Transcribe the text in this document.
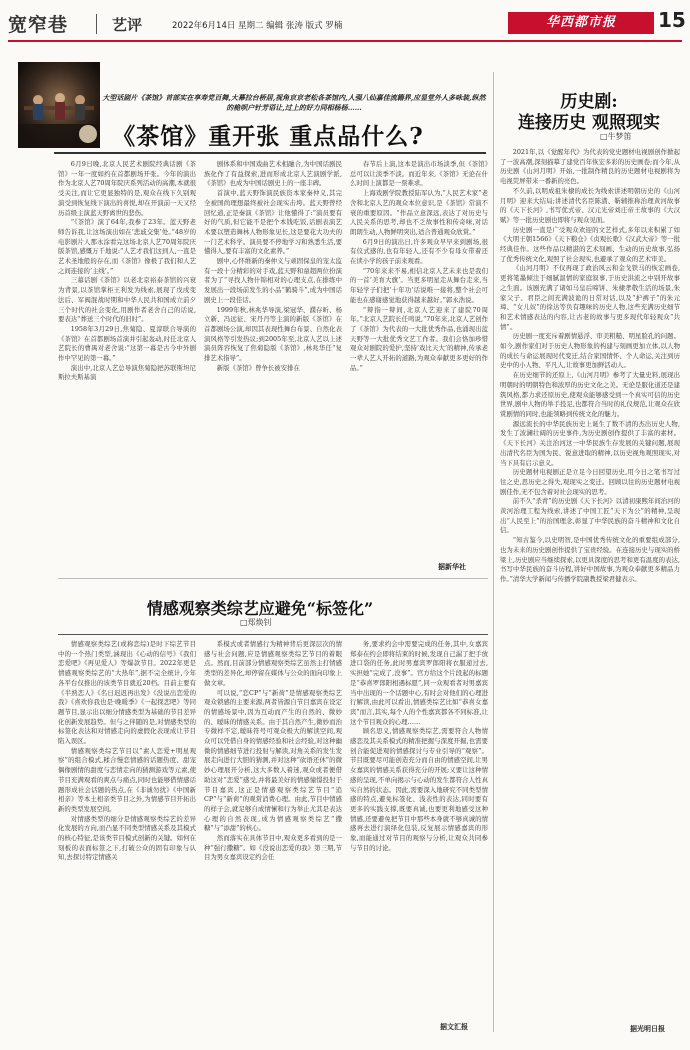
宽窄巷	艺评	2022年6月14日 星期二 编辑 张涛 版式 罗楠	华西都市报	15
大型话剧片《茶馆》首部实在享寿党百舞,大幕拉台桥居,视角京京老松各茶馆内,人强八仙嘉佳流籍界,应显堂外人多咏装,纵然的桅呗户针芳语让,过上的好力同相杨杨……
《茶馆》重开张 重点品什么?

6月9日晚,北京人民艺术剧院经典话剧《茶馆》一年一度如约在首都剧场开张。今年的演出作为北京人艺70周年院庆系列活动的高潮,本就很受关注,而让它更显独特的是,观众在线下久别观演受到恢复线下演出的喜悦,却在开演前一天又经历首级主演蓝天野离世的悲伤。

“《茶馆》演了64年,我参了23年。蓝天野老师告诉我,让这场演出如在‘悲戚交集’处。”48岁的电影剧片人那永涂看完这场北京人艺70周年院庆版茶馆,感慨万千地说:“人艺才我们这到人,一直是艺术圣地般的存在,而《茶馆》像极了我们和人艺之间连接的‘主线’。”

三幕话剧《茶馆》以老北京裕泰茶馆的兴衰为背景,以茶馆掌柜王利发为线索,展现了戊戌变法后、军阀混战时期和中华人民共和国成立前夕三个时代的社会变化,用剧作者老舍自己的话说,要表达“葬送三个时代的旧时”。

1958年3月29日,焦菊隐、夏淳联合导演的《茶馆》在首都剧场首演并引起轰动,时任北京人艺院长的曹禺对老舍说:“这第一幕是古今中外剧作中罕见的第一幕。”

演出中,北京人艺总导演焦菊隐把苏联斯坦尼斯拉夫斯基演

剧体系和中国戏曲艺术相融合,为中国话剧民族化作了有益探索,进而形成北京人艺演剧学派,《茶馆》也成为中国话剧史上的一座丰碑。

首演中,蓝天野饰演民族资本家秦仲义,其完全被国尚理想最终被社会现实击垮。蓝天野曾经回忆道,正是秦演《茶馆》让他懂得了:“演员要有好的气质,但它能不是把个本钱吃饭,话剧表演艺术要以塑造舞林人物形象见长,这是要花大功夫的一门艺术科学。演员要不停地学习和熟悉生活,要懂得人,要有丰富的文化素养。”

剧中,心怀维新的秦仲义与顽固保皇的宠太监有一段十分精彩的对手戏,蓝天野和童超两位扮演者为了“寻找人物什锦相对的心理支点,在排练中发展出一段场前发生的小品“鹤骑斗”,成为中国话剧史上一段佳话。

1999年秋,林兆华导演,梁冠华、濮存昕、杨立新、冯远征、宋丹丹等主演的新版《茶馆》在首都剧场公演,却因其表现性舞台布景、自然化表演风格等引发热议;到2005年至,北京人艺以上述演员阵容恢复了焦菊隐版《茶馆》,林兆华任“复排艺术指导”。

新版《茶馆》曾争长被安排在

春节后上演,这本是演出市场淡季,但《茶馆》总可以让淡季不淡。而近年来,《茶馆》无论在什么时间上演都是一票难求。

上海戏剧学院教授陆军认为,“人民艺术家”老舍和北京人艺的观众本位意识,是《茶馆》常演不衰的重要原因。“作品立意深远,表达了对历史与人民关系的思考,却也不乏故事性和传奇味,对话朗朗生动,人物鲜明突出,适合普通观众欣赏。”

6月9日的演出日,许多观众早早来到剧场,很有仪式感的,也有年轻人,还有不少有母女带着还在读小学的孩子前来观看。

“70年来来不易,相信北京人艺未来也是我们的一首‘美育大旗’。当更多明星走从舞台走来,当年轻学子们把‘十年功’话说唯一接将,整个社会可能也在感谢感觉地获得越来越好。”郭永浩说。

“辩指一辩间,北京人艺迎来了建院70周年。”北京人艺院长任鸣说,“70年来,北京人艺创作了《茶馆》为代表的一大批优秀作品,也涌现出蓝天野等一大批优秀文艺工作者。我们会恪加珍惜观众对剧院的爱护,坚持‘戏比天大’的精神,传承老一辈人艺人开拓的道路,为观众奉献更多更好的作品。”

据新华社
情感观察类综艺应避免“标签化”
□郑焕钊

情感观察类综艺(或称恋综)是时下综艺节目中的一个热门类型,涵现出《心动的信号》《我们恋爱吧》《再见爱人》等爆款节目。2022年更是情感观察类综艺的“大热年”,据不完全统计,今年各平台仅推出的该类节目就近20档。目前主要有《半熟恋人》《名日迟迟再出发》《没说出恋爱的我》《喜欢你我也是·晚暖季》《一起探恋吧》等同题节目,显示出以细分情感类型为基础的节目差异化创新发展趋势。但与之伴随的是,对情感类型的标签化表达和对情感走向的虚假化表现成让节目陷入误区。

情感观察类综艺节目以“素人恋爱+明星观察”的组合模式,糅合慢恋情感的话题热度、甜宠偶像剧情的甜度与恋情走向的猜测游戏等元素,使节目充满观看的爽点与痛点,同时也能够借情感话题形成社会话题的热点,在《非诚勿扰》《中国新相亲》等本土相亲类节目之外,为情感节目开拓出新的类型发展空间。

对情感类型的细分是情感观察类综艺的差异化发展的方向,而凸显不同类型情感关系及其模式的核心特征,是该类节目模式创新的关键。如何在刻板的表面标签之下,打破公众的固有印象与认知,去探讨特定情感关

系模式或者情感行为精神背后更深层次的情感与社会问题,应是情感观察类综艺节目的着眼点。然而,目前部分情感观察类综艺虽然主打情感类型的差异化,却停留在媒体与公众的面向印象上做文章。

可以说,“恋CP”与“新荷”是情感观察类综艺观众锁感的主要来源,两者皆源自节目嘉宾在设定的情感场景中,因为互动而产生的自然的、微妙的、暧昧的情感关系。由于其自然产生,微妙而治专微样不定,暧昧符号可观众极大的解读空间,观众可以凭借自身的情感经验和社会经验,对这种幽微的情感细节进行投射与解读,对角关系的发生发展走向进行大胆的猜测,并对这种“砍语还休”的微妙心理展开分析,这大多数人着迷,观众或者便借助这对“恋爱”感受,并将最美好的情感憧憬投射于节目嘉宾,这正是情感观察类综艺节目“追CP”与“新荷”的观赏消费心理。由此,节目中情感的样子会,就足够自成情愫和行为举止尤其是表达心理的自然表现,成为情感观察类综艺“撒糖”与“添甜”的核心。

然而落实在具体节目中,观众更多看到的是一种“强行撒糖”。如《没说出恋爱的我》第三期,节目为男女嘉宾设定约会任

务,要求约会中需要完成的任务,其中,女嘉宾郑泰在约会即将结束的时候,发现自己漏了把手放进口袋的任务,此时男嘉宾罗郎阳将衣服递过去,实担她“完成了,没事”。官方给这个片段起的标题是“恭喜罗郎阳相遇标愿”,同一众观看者对男嘉宾当中出现的一个话题中心,有时会对他们的心理进行解读,由此可以看出,情感类综艺比如“恭喜女嘉宾”而言,其实,每个人的个性嘉宾都各不同标准,让这个节目观众的心理……

顾名思义,情感观察类综艺,需要符合人物情感恋及其关系模式的精准把握与深度开掘,也需要创合能促进观的情感探讨与专业引导的“观察”。节目既要尽可能创造充分而自由的情感空间,让男女嘉宾的情感关系获得充分的开展;又要让这种情感的呈现,不单向揭示与心动的发生都符合人性真实自然的状态。因此,需要深入地研究不同类型情感的特点,避免标签化、浅表性的表达,同时要有更多的实践支撑,既要真诚,也要更利地感受这种情感,还要避免把节目中那些本身就不够真诚的情感再去进行演绎化包装,反复展示情感嘉宾的形象,而能通过对节目的观察与分析,让观众共同参与节目的讨论。

据文汇报
历史剧:
连接历史 观照现实
□牛梦笛

2021年,以《觉醒年代》为代表的党史题材电视剧创作掀起了一波高潮,深刻描摹了建党百年恢宏多彩的历史画卷;而今年,从历史剧《山河月明》开始,一批制作精良的历史题材电视剧将为电视荧屏带来一番新的亮色。

不久前,以明成祖朱棣的成长为线索讲述明朝历史的《山河月明》迎来大结局;讲述清代名臣陈潢、靳辅推称治理黄河故事的《天下长河》,书写优式帝、汉元光帝刘庄帝王故事的《大汉赋》等一批历史剧也即将与观众见面。

历史剧一直是广受观众欢迎的文艺样式,多年以来积累了如《大明王朝1566》《天下粮仓》《贞观长歌》《汉武大帝》等一批经典佳作。这些作品以精湛的艺术刻画、生动的历史故事,弘扬了优秀传统文化,观照了社会现实,也避承了观众的艺术审美。

《山河月明》不仅再现了政治风云和金戈铁马的恢宏画卷,更将笔墨倾注于细腻温情的家庭叙事,于历史洪流之中别开故事之生面。该剧充满了诸如马皇后啼饼、朱棣孝敬生活的场景,朱家父子、君臣之间充满波诡的日常对话,以及“护裤子”的朱元璋、“女儿奴”的徐达等负有趣味的历史人物,这些充满历史细节和艺术情感表达的内容,让古老的故事与更多现代年轻观众“共情”。

历史剧一度充斥着剧情悬浮、审美粗糙、明星脸孔的问题。如今,剧作家们对于历史人物形象的构建与刻画更加立体,以人物的成长与命运展现时代变迁,结合家国情怀、个人命运,关注到历史中的小人物、平凡人,让故事更加鲜活动人。

在历史细节的还原上,《山河月明》参考了大量史料,展现出明朝时的明朝特色和浓厚的历史文化之美。无论是服化道还是建筑风格,都力求还原历史,使观众能够感受到一个真实可信的历史世界,剧中人物的举手投足,也都符合当时的礼仪规范,让观众在欣赏剧情的同时,也能领略到传统文化的魅力。

源远流长的中华民族历史上诞生了数不清的杰出历史人物,发生了波澜壮阔的历史事件,为历史剧创作提供了丰富的素材。《天下长河》关注治河这一中华民族生存发展的关键问题,展现出清代名臣为国为民、锐意进取的精神,以历史视角观照现实,对当下具有启示意义。

历史题材电视剧正是立足今日回望历史,用今日之笔书写过往之史,思历史之得失,观现实之变迁。回顾以往的历史题材电视剧佳作,无不包含着对社会现实的思考。

前不久“杀青”的历史剧《天下长河》以清初康熙年间治河的黄河治理工程为线索,讲述了中国工匠“天下为公”的精神,呈现出“人民至上”的治国理念,彰显了中华民族的奋斗精神和文化自信。

“知古鉴今,以史明智,是中国优秀传统文化的重要组成部分,也为未来的历史剧创作提供了宝贵经验。在连接历史与现实的桥梁上,历史剧应当继续探索,以更具深度的思考和更有温度的表达,书写中华民族的奋斗历程,讲好中国故事,为观众奉献更多精品力作。”清华大学新闻与传播学院副教授梁君健表示。

据光明日报
